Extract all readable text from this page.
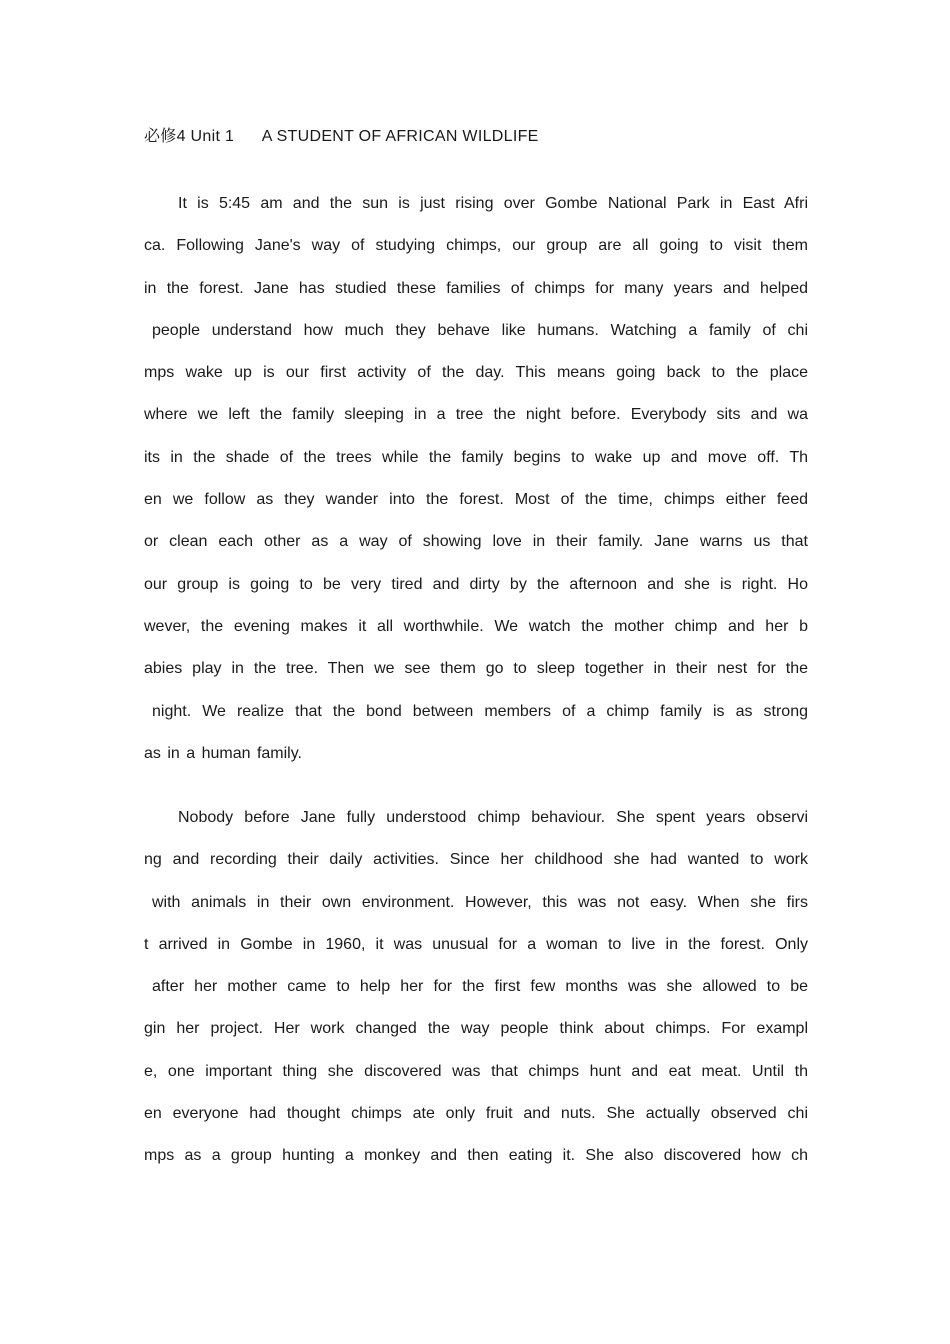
必修4 Unit 1      A STUDENT OF AFRICAN WILDLIFE
It is 5:45 am and the sun is just rising over Gombe National Park in East Afri
ca. Following Jane's way of studying chimps, our group are all going to visit them
in the forest. Jane has studied these families of chimps for many years and helped
people understand how much they behave like humans. Watching a family of chi
mps wake up is our first activity of the day. This means going back to the place
where we left the family sleeping in a tree the night before. Everybody sits and wa
its in the shade of the trees while the family begins to wake up and move off. Th
en we follow as they wander into the forest. Most of the time, chimps either feed
or clean each other as a way of showing love in their family. Jane warns us that
our group is going to be very tired and dirty by the afternoon and she is right. Ho
wever, the evening makes it all worthwhile. We watch the mother chimp and her b
abies play in the tree. Then we see them go to sleep together in their nest for the
night. We realize that the bond between members of a chimp family is as strong
as in a human family.
Nobody before Jane fully understood chimp behaviour. She spent years observi
ng and recording their daily activities. Since her childhood she had wanted to work
with animals in their own environment. However, this was not easy. When she firs
t arrived in Gombe in 1960, it was unusual for a woman to live in the forest. Only
after her mother came to help her for the first few months was she allowed to be
gin her project. Her work changed the way people think about chimps. For exampl
e, one important thing she discovered was that chimps hunt and eat meat. Until th
en everyone had thought chimps ate only fruit and nuts. She actually observed chi
mps as a group hunting a monkey and then eating it. She also discovered how ch
